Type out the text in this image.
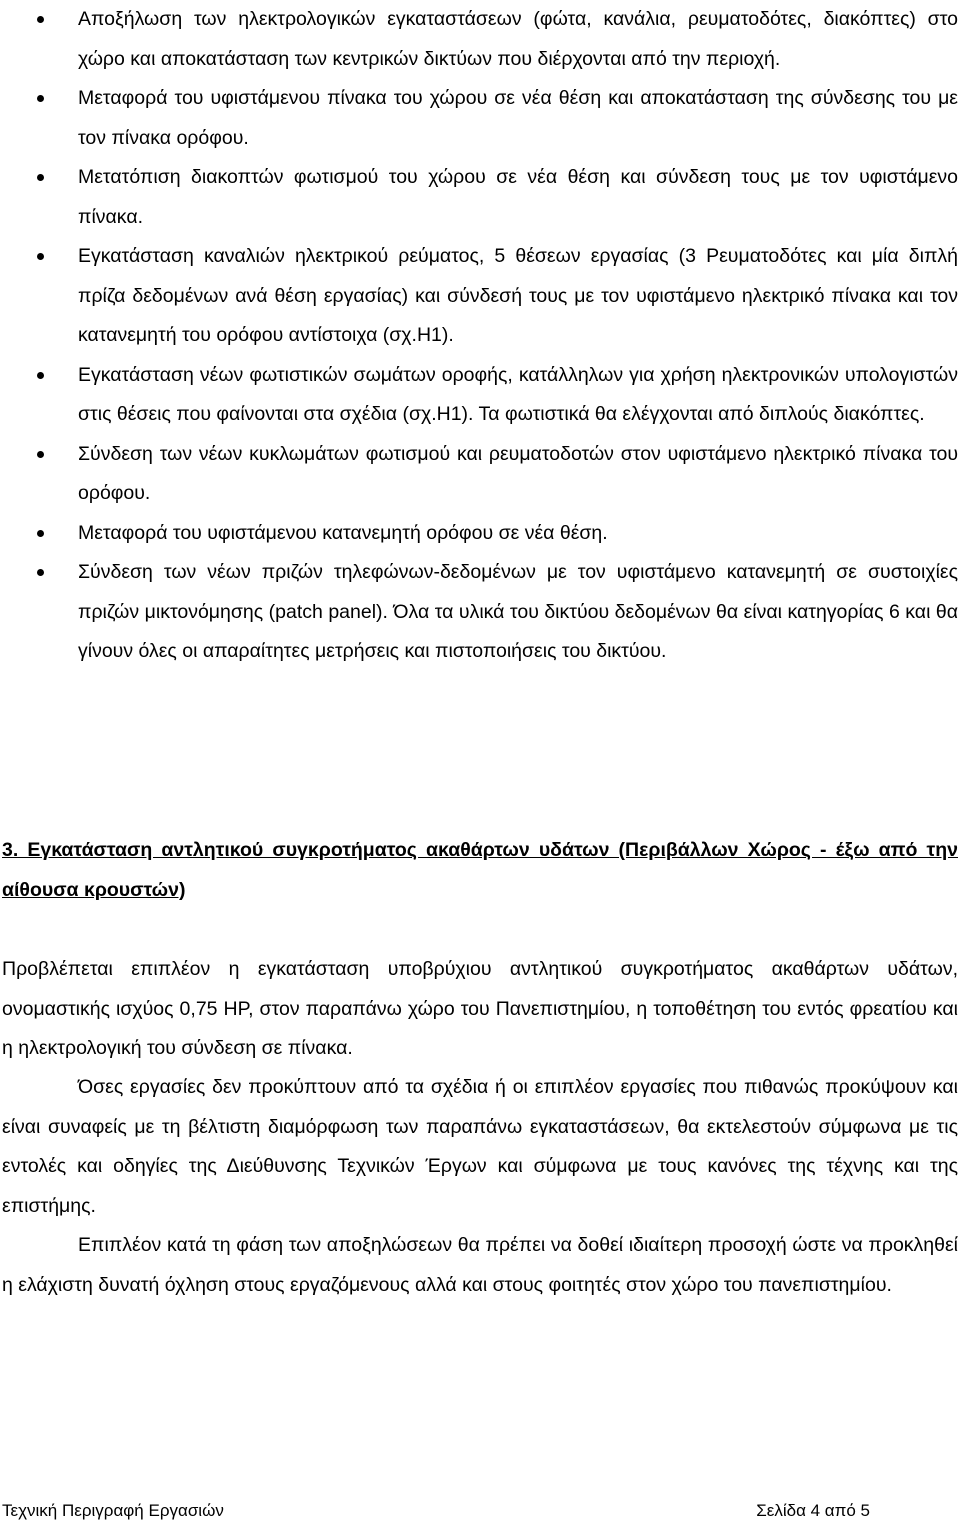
Αποξήλωση των ηλεκτρολογικών εγκαταστάσεων (φώτα, κανάλια, ρευματοδότες, διακόπτες) στο χώρο και αποκατάσταση των κεντρικών δικτύων που διέρχονται από την περιοχή.
Μεταφορά του υφιστάμενου πίνακα του χώρου σε νέα θέση και αποκατάσταση της σύνδεσης του με τον πίνακα ορόφου.
Μετατόπιση διακοπτών φωτισμού του χώρου σε νέα θέση και σύνδεση τους με τον υφιστάμενο πίνακα.
Εγκατάσταση καναλιών ηλεκτρικού ρεύματος, 5 θέσεων εργασίας (3 Ρευματοδότες και μία διπλή πρίζα δεδομένων ανά θέση εργασίας) και σύνδεσή τους με τον υφιστάμενο ηλεκτρικό πίνακα και τον κατανεμητή του ορόφου αντίστοιχα (σχ.Η1).
Εγκατάσταση νέων φωτιστικών σωμάτων οροφής, κατάλληλων για χρήση ηλεκτρονικών υπολογιστών στις θέσεις που φαίνονται στα σχέδια (σχ.Η1). Τα φωτιστικά θα ελέγχονται από διπλούς διακόπτες.
Σύνδεση των νέων κυκλωμάτων φωτισμού και ρευματοδοτών στον υφιστάμενο ηλεκτρικό πίνακα του ορόφου.
Μεταφορά του υφιστάμενου κατανεμητή ορόφου σε νέα θέση.
Σύνδεση των νέων πριζών τηλεφώνων-δεδομένων με τον υφιστάμενο κατανεμητή σε συστοιχίες πριζών μικτονόμησης (patch panel). Όλα τα υλικά του δικτύου δεδομένων θα είναι κατηγορίας 6 και θα γίνουν όλες οι απαραίτητες μετρήσεις και πιστοποιήσεις του δικτύου.
3. Εγκατάσταση αντλητικού συγκροτήματος ακαθάρτων υδάτων (Περιβάλλων Χώρος - έξω από την αίθουσα κρουστών)

Προβλέπεται επιπλέον η εγκατάσταση υποβρύχιου αντλητικού συγκροτήματος ακαθάρτων υδάτων, ονομαστικής ισχύος 0,75 HP, στον παραπάνω χώρο του Πανεπιστημίου, η τοποθέτηση του εντός φρεατίου και η ηλεκτρολογική του σύνδεση σε πίνακα.

Όσες εργασίες δεν προκύπτουν από τα σχέδια ή οι επιπλέον εργασίες που πιθανώς προκύψουν και είναι συναφείς με τη βέλτιστη διαμόρφωση των παραπάνω εγκαταστάσεων, θα εκτελεστούν σύμφωνα με τις εντολές και οδηγίες της Διεύθυνσης Τεχνικών Έργων και σύμφωνα με τους κανόνες της τέχνης και της επιστήμης.

Επιπλέον κατά τη φάση των αποξηλώσεων θα πρέπει να δοθεί ιδιαίτερη προσοχή ώστε να προκληθεί η ελάχιστη δυνατή όχληση στους εργαζόμενους αλλά και στους φοιτητές στον χώρο του πανεπιστημίου.

Τεχνική Περιγραφή Εργασιών	Σελίδα 4 από 5
